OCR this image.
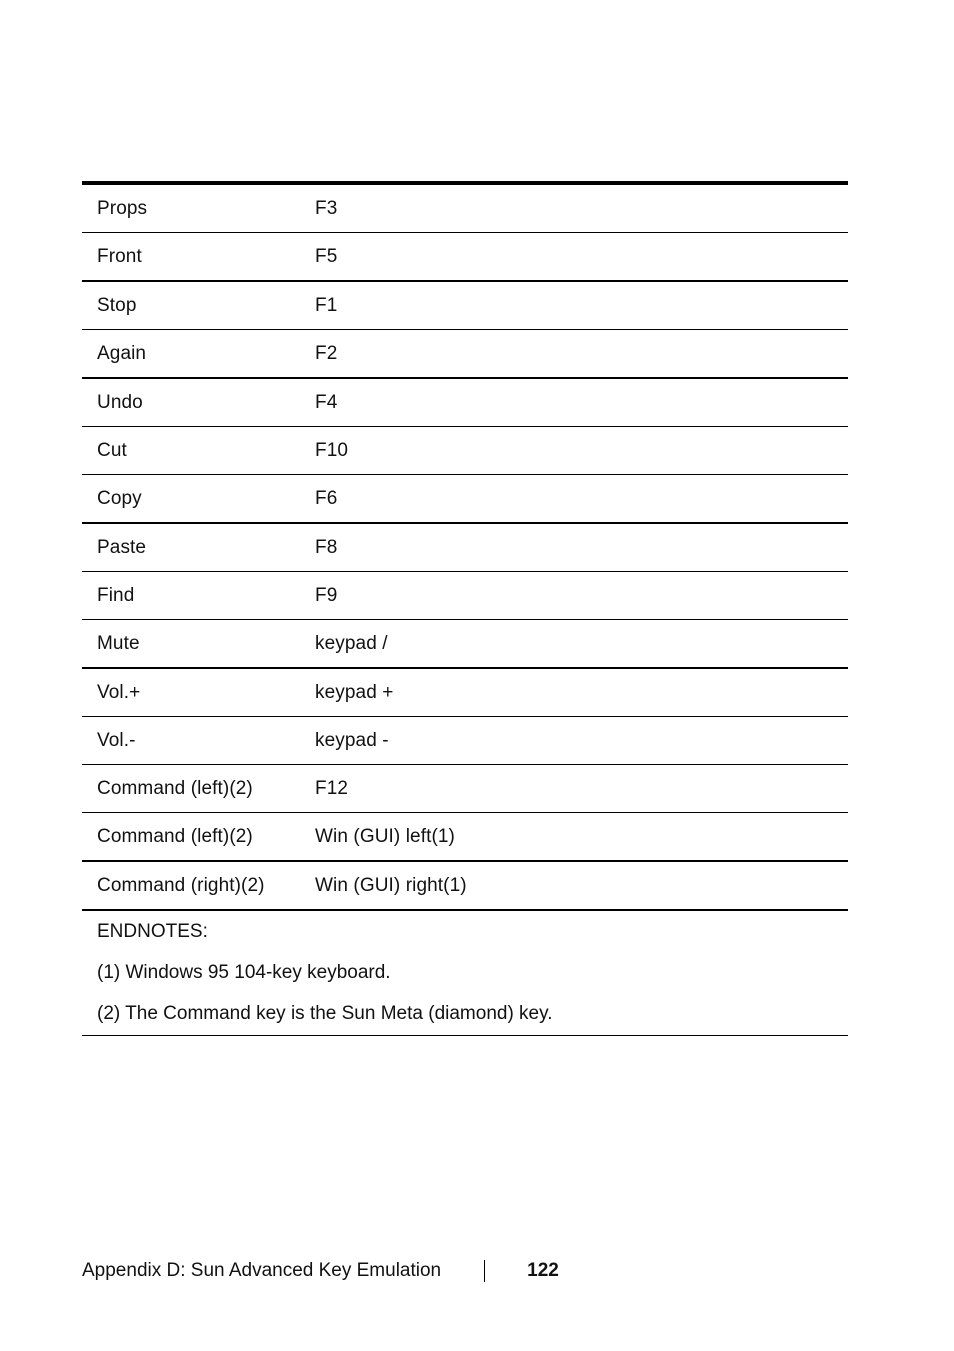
Props	F3
Front	F5
Stop	F1
Again	F2
Undo	F4
Cut	F10
Copy	F6
Paste	F8
Find	F9
Mute	keypad /
Vol.+	keypad +
Vol.-	keypad -
Command (left)(2)	F12
Command (left)(2)	Win (GUI) left(1)
Command (right)(2)	Win (GUI) right(1)
ENDNOTES:
(1) Windows 95 104-key keyboard.
(2) The Command key is the Sun Meta (diamond) key.
Appendix D: Sun Advanced Key Emulation	122
